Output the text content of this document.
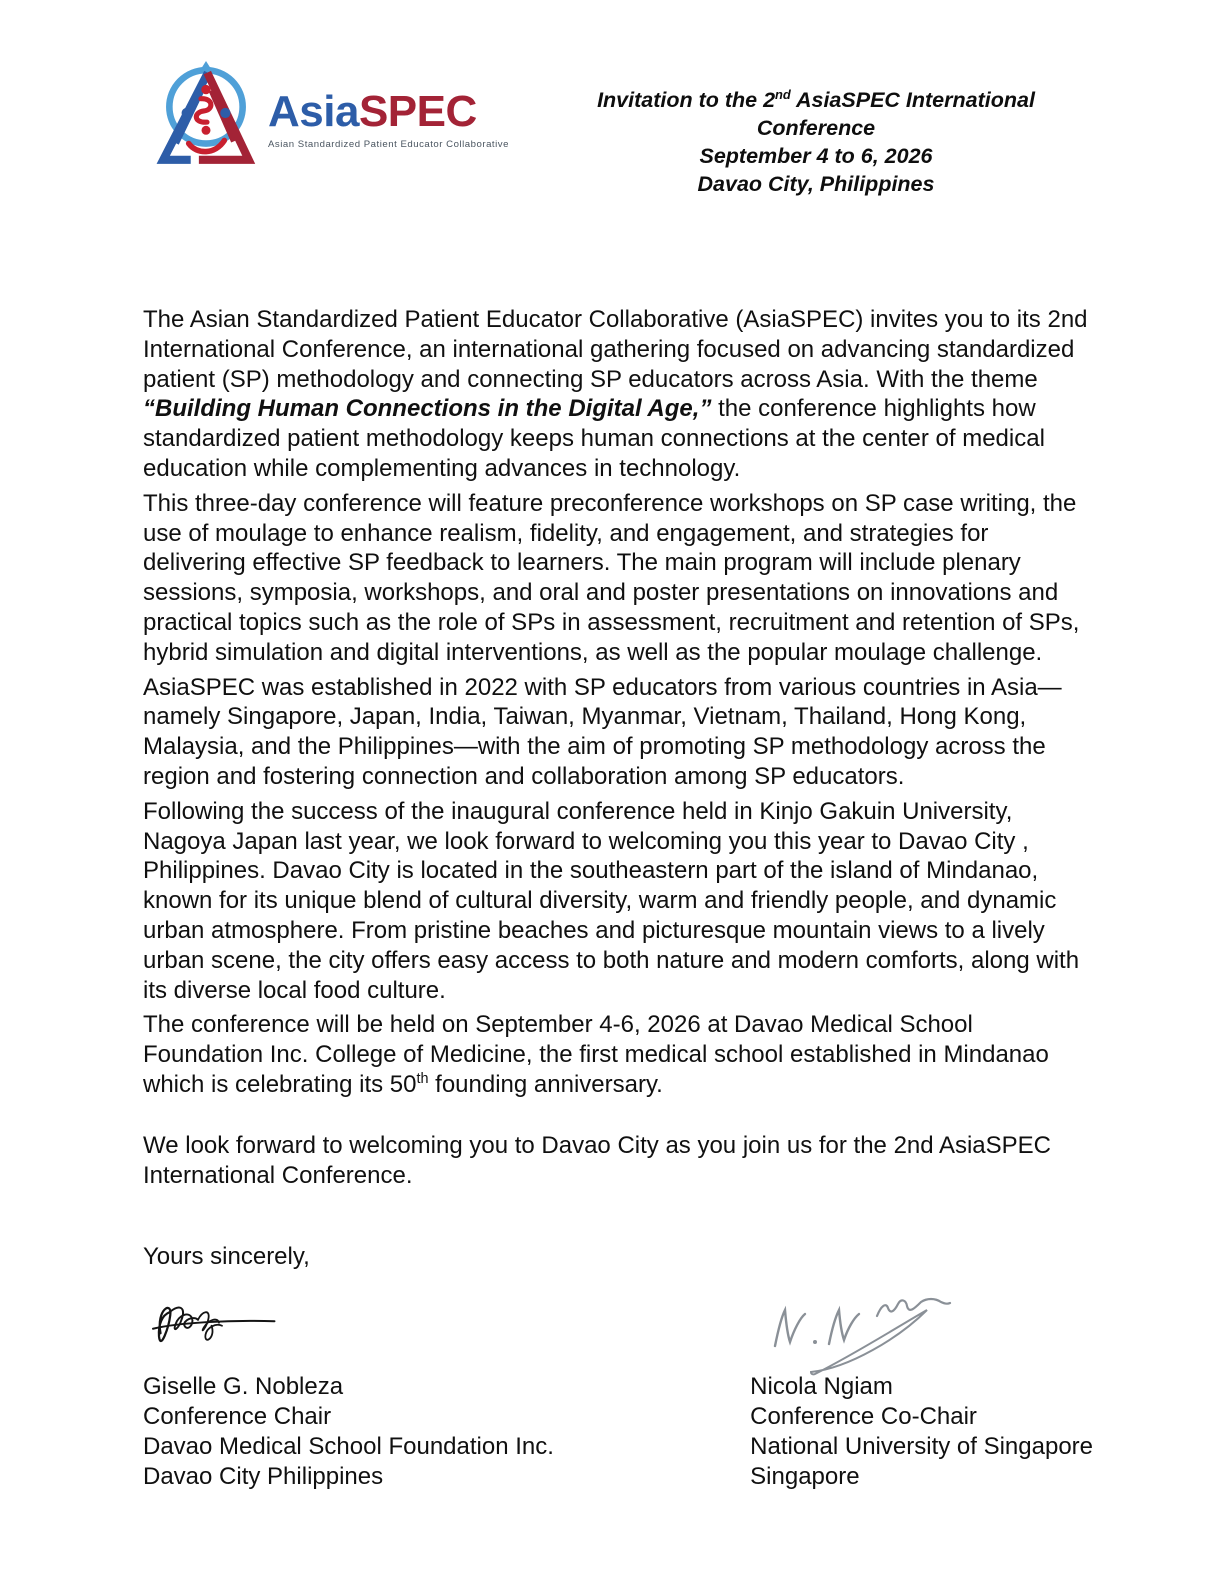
AsiaSPEC
Asian Standardized Patient Educator Collaborative
Invitation to the 2nd AsiaSPEC International Conference
September 4 to 6, 2026
Davao City, Philippines

The Asian Standardized Patient Educator Collaborative (AsiaSPEC) invites you to its 2nd International Conference, an international gathering focused on advancing standardized patient (SP) methodology and connecting SP educators across Asia. With the theme “Building Human Connections in the Digital Age,” the conference highlights how standardized patient methodology keeps human connections at the center of medical education while complementing advances in technology.

This three-day conference will feature preconference workshops on SP case writing, the use of moulage to enhance realism, fidelity, and engagement, and strategies for delivering effective SP feedback to learners. The main program will include plenary sessions, symposia, workshops, and oral and poster presentations on innovations and practical topics such as the role of SPs in assessment, recruitment and retention of SPs, hybrid simulation and digital interventions, as well as the popular moulage challenge.

AsiaSPEC was established in 2022 with SP educators from various countries in Asia—namely Singapore, Japan, India, Taiwan, Myanmar, Vietnam, Thailand, Hong Kong, Malaysia, and the Philippines—with the aim of promoting SP methodology across the region and fostering connection and collaboration among SP educators.

Following the success of the inaugural conference held in Kinjo Gakuin University, Nagoya Japan last year, we look forward to welcoming you this year to Davao City , Philippines. Davao City is located in the southeastern part of the island of Mindanao, known for its unique blend of cultural diversity, warm and friendly people, and dynamic urban atmosphere. From pristine beaches and picturesque mountain views to a lively urban scene, the city offers easy access to both nature and modern comforts, along with its diverse local food culture.

The conference will be held on September 4-6, 2026 at Davao Medical School Foundation Inc. College of Medicine, the first medical school established in Mindanao which is celebrating its 50th founding anniversary.

We look forward to welcoming you to Davao City as you join us for the 2nd AsiaSPEC International Conference.

Yours sincerely,

Giselle G. Nobleza
Conference Chair
Davao Medical School Foundation Inc.
Davao City Philippines
Nicola Ngiam
Conference Co-Chair
National University of Singapore
Singapore
